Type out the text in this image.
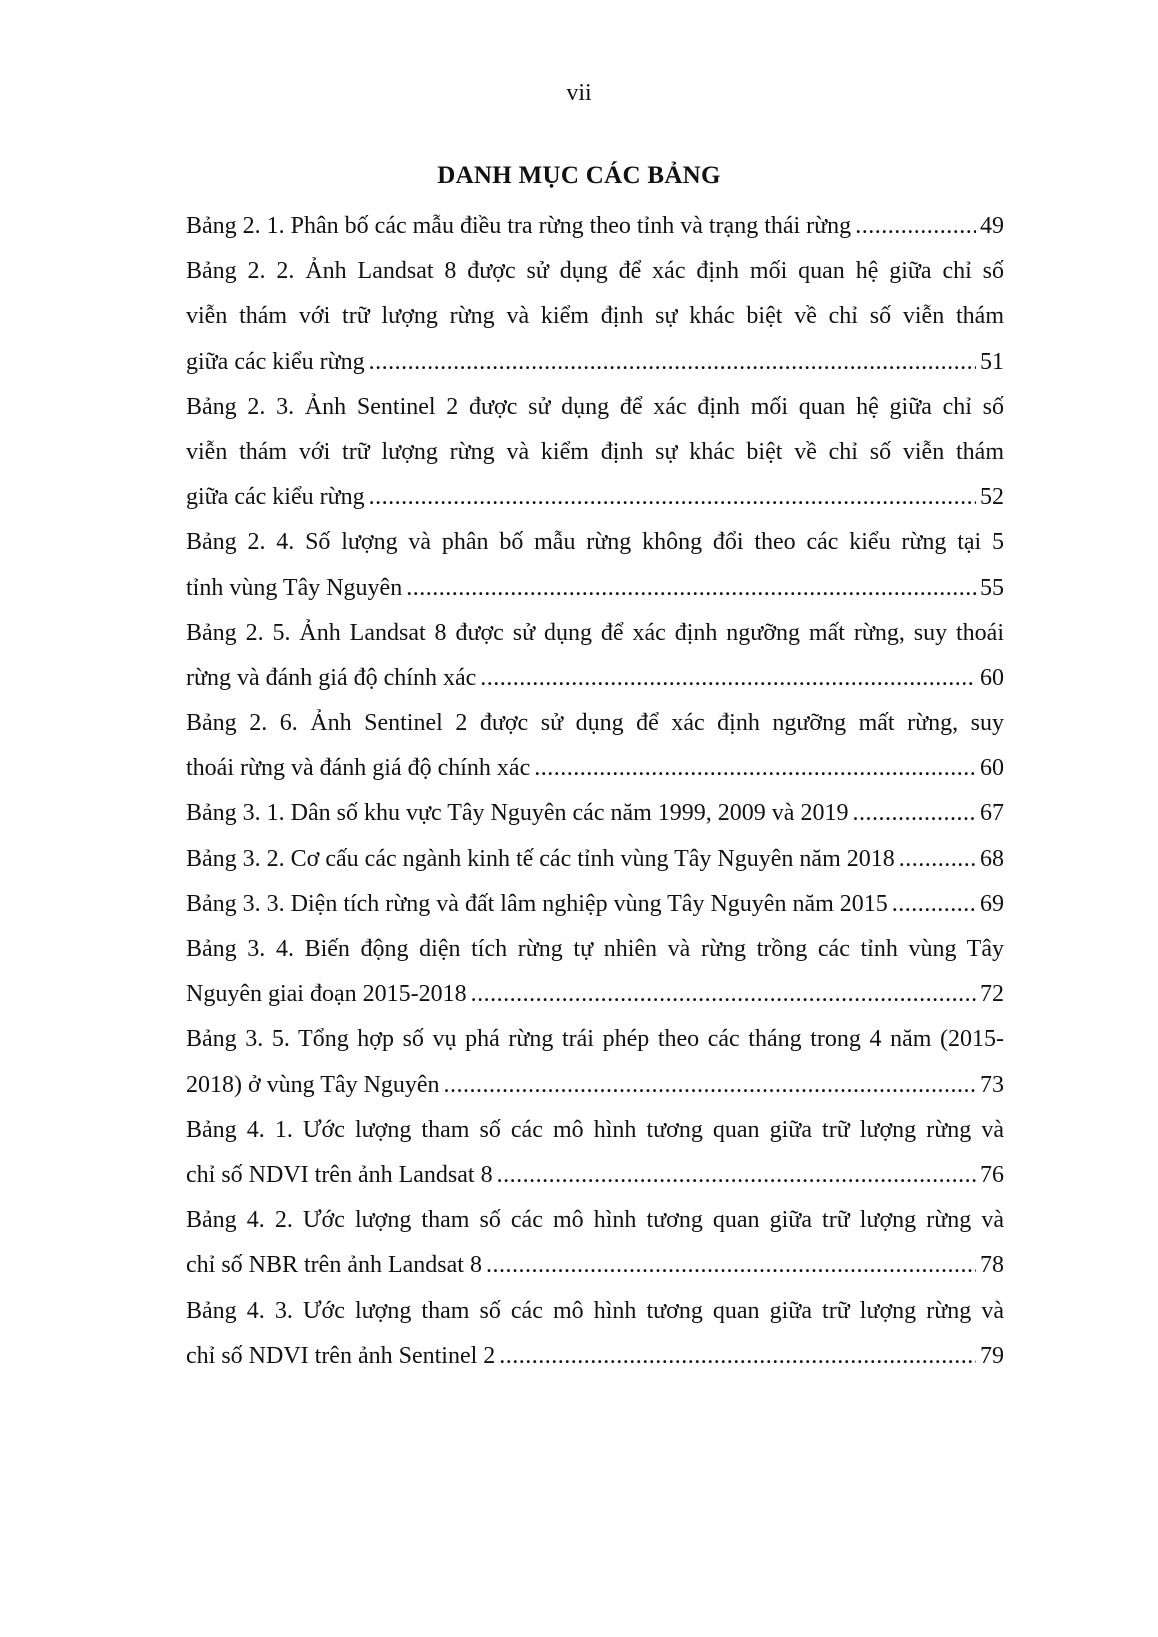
vii
DANH MỤC CÁC BẢNG
Bảng 2. 1. Phân bố các mẫu điều tra rừng theo tỉnh và trạng thái rừng .....	49
Bảng 2. 2. Ảnh Landsat 8 được sử dụng để xác định mối quan hệ giữa chỉ số
viễn thám với trữ lượng rừng và kiểm định sự khác biệt về chỉ số viễn thám
giữa các kiểu rừng .....	51
Bảng 2. 3. Ảnh Sentinel 2 được sử dụng để xác định mối quan hệ giữa chỉ số
viễn thám với trữ lượng rừng và kiểm định sự khác biệt về chỉ số viễn thám
giữa các kiểu rừng .....	52
Bảng 2. 4. Số lượng và phân bố mẫu rừng không đổi theo các kiểu rừng tại 5
tỉnh vùng Tây Nguyên .....	55
Bảng 2. 5. Ảnh Landsat 8 được sử dụng để xác định ngưỡng mất rừng, suy thoái
rừng và đánh giá độ chính xác .....	60
Bảng 2. 6. Ảnh Sentinel 2 được sử dụng để xác định ngưỡng mất rừng, suy
thoái rừng và đánh giá độ chính xác .....	60
Bảng 3. 1. Dân số khu vực Tây Nguyên các năm 1999, 2009 và 2019 .....	67
Bảng 3. 2. Cơ cấu các ngành kinh tế các tỉnh vùng Tây Nguyên năm 2018 .....	68
Bảng 3. 3. Diện tích rừng và đất lâm nghiệp vùng Tây Nguyên năm 2015 .....	69
Bảng 3. 4. Biến động diện tích rừng tự nhiên và rừng trồng các tỉnh vùng Tây
Nguyên giai đoạn 2015-2018 .....	72
Bảng 3. 5. Tổng hợp số vụ phá rừng trái phép theo các tháng trong 4 năm (2015-
2018) ở vùng Tây Nguyên .....	73
Bảng 4. 1. Ước lượng tham số các mô hình tương quan giữa trữ lượng rừng và
chỉ số NDVI trên ảnh Landsat 8 .....	76
Bảng 4. 2. Ước lượng tham số các mô hình tương quan giữa trữ lượng rừng và
chỉ số NBR trên ảnh Landsat 8 .....	78
Bảng 4. 3. Ước lượng tham số các mô hình tương quan giữa trữ lượng rừng và
chỉ số NDVI trên ảnh Sentinel 2 .....	79
